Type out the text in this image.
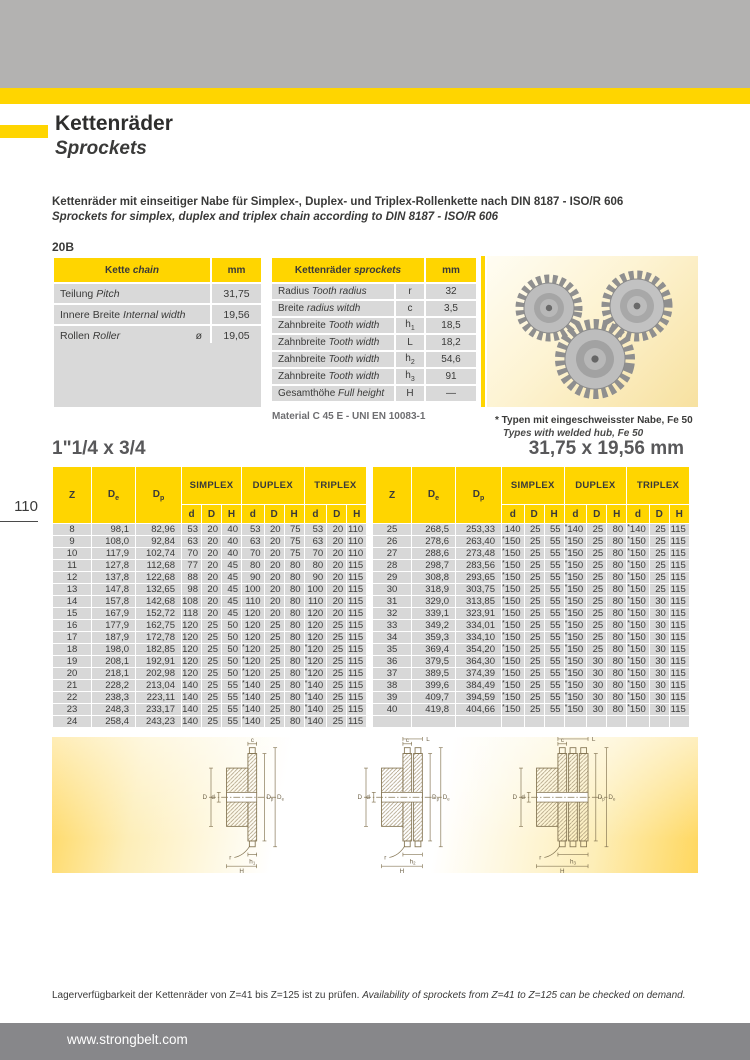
Kettenräder
Sprockets

Kettenräder mit einseitiger Nabe für Simplex-, Duplex- und Triplex-Rollenkette nach DIN 8187 - ISO/R 606

Sprockets for simplex, duplex and triplex chain according to DIN 8187 - ISO/R 606

20B
Kette chain	mm
Teilung Pitch	31,75
Innere Breite Internal width	19,56
Rollen Roller ø	19,05
Kettenräder sprockets		mm
Radius Tooth radius	r	32
Breite radius witdh	c	3,5
Zahnbreite Tooth width	$h_1$	18,5
Zahnbreite Tooth width	L	18,2
Zahnbreite Tooth width	$h_2$	54,6
Zahnbreite Tooth width	$h_3$	91
Gesamthöhe Full height	H	—
Material C 45 E - UNI EN 10083-1	* Typen mit eingeschweisster Nabe, Fe 50
Types with welded hub, Fe 50
31,75 x 19,56 mm
1"1/4 x 3/4
110
Z	$D_e$	$D_p$	SIMPLEX			DUPLEX			TRIPLEX		
			d	D	H	d	D	H	d	D	H
8	98,1	82,96	53	20	40	53	20	75	53	20	110
9	108,0	92,84	63	20	40	63	20	75	63	20	110
10	117,9	102,74	70	20	40	70	20	75	70	20	110
11	127,8	112,68	77	20	45	80	20	80	80	20	115
12	137,8	122,68	88	20	45	90	20	80	90	20	115
13	147,8	132,65	98	20	45	100	20	80	100	20	115
14	157,8	142,68	108	20	45	110	20	80	110	20	115
15	167,9	152,72	118	20	45	120	20	80	120	20	115
16	177,9	162,75	120	25	50	120	25	80	120	25	115
17	187,9	172,78	120	25	50	120	25	80	120	25	115
18	198,0	182,85	120	25	50	*120	25	80	*120	25	115
19	208,1	192,91	120	25	50	*120	25	80	*120	25	115
20	218,1	202,98	120	25	50	*120	25	80	*120	25	115
21	228,2	213,04	140	25	55	*140	25	80	*140	25	115
22	238,3	223,11	140	25	55	*140	25	80	*140	25	115
23	248,3	233,17	140	25	55	*140	25	80	*140	25	115
24	258,4	243,23	140	25	55	*140	25	80	*140	25	115
Z	$D_e$	$D_p$	SIMPLEX			DUPLEX			TRIPLEX		
			d	D	H	d	D	H	d	D	H
25	268,5	253,33	140	25	55	*140	25	80	*140	25	115
26	278,6	263,40	*150	25	55	*150	25	80	*150	25	115
27	288,6	273,48	*150	25	55	*150	25	80	*150	25	115
28	298,7	283,56	*150	25	55	*150	25	80	*150	25	115
29	308,8	293,65	*150	25	55	*150	25	80	*150	25	115
30	318,9	303,75	*150	25	55	*150	25	80	*150	25	115
31	329,0	313,85	*150	25	55	*150	25	80	*150	30	115
32	339,1	323,91	*150	25	55	*150	25	80	*150	30	115
33	349,2	334,01	*150	25	55	*150	25	80	*150	30	115
34	359,3	334,10	*150	25	55	*150	25	80	*150	30	115
35	369,4	354,20	*150	25	55	*150	25	80	*150	30	115
36	379,5	364,30	*150	25	55	*150	30	80	*150	30	115
37	389,5	374,39	*150	25	55	*150	30	80	*150	30	115
38	399,6	384,49	*150	25	55	*150	30	80	*150	30	115
39	409,7	394,59	*150	25	55	*150	30	80	*150	30	115
40	419,8	404,66	*150	25	55	*150	30	80	*150	30	115

d
D	$D_p$ $D_e$
c
$h_1$
H
r
d
D	$D_p$ $D_e$
c	L
$h_2$
H
r
d
D	$D_p$ $D_e$
c	L
$h_3$
H
r

Lagerverfügbarkeit der Kettenräder von Z=41 bis Z=125 ist zu prüfen. Availability of sprockets from Z=41 to Z=125 can be checked on demand.

www.strongbelt.com
